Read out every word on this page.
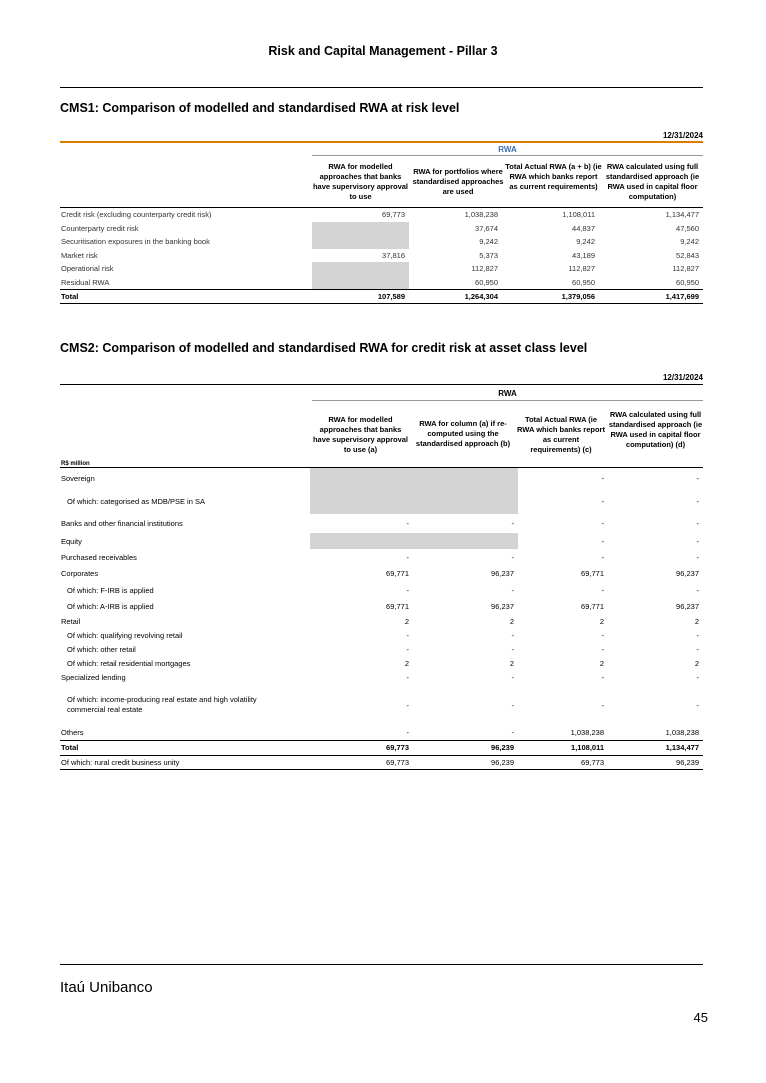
Risk and Capital Management - Pillar 3
CMS1: Comparison of modelled and standardised RWA at risk level
12/31/2024
RWA
RWA for modelled approaches that banks have supervisory approval to use
RWA for portfolios where standardised approaches are used
Total Actual RWA (a + b) (ie RWA which banks report as current requirements)
RWA calculated using full standardised approach (ie RWA used in capital floor computation)
Credit risk (excluding counterparty credit risk)	69,773	1,038,238	1,108,011	1,134,477
Counterparty credit risk		37,674	44,837	47,560
Securitisation exposures in the banking book		9,242	9,242	9,242
Market risk	37,816	5,373	43,189	52,843
Operational risk		112,827	112,827	112,827
Residual RWA		60,950	60,950	60,950
Total	107,589	1,264,304	1,379,056	1,417,699
CMS2: Comparison of modelled and standardised RWA for credit risk at asset class level
12/31/2024
RWA
RWA for modelled approaches that banks have supervisory approval to use (a)
RWA for column (a) if re-computed using the standardised approach (b)
Total Actual RWA (ie RWA which banks report as current requirements) (c)
RWA calculated using full standardised approach (ie RWA used in capital floor computation) (d)
R$ million
Sovereign			-	-
Of which: categorised as MDB/PSE in SA			-	-
Banks and other financial institutions	-	-	-	-
Equity			-	-
Purchased receivables	-	-	-	-
Corporates	69,771	96,237	69,771	96,237
Of which: F-IRB is applied	-	-	-	-
Of which: A-IRB is applied	69,771	96,237	69,771	96,237
Retail	2	2	2	2
Of which: qualifying revolving retail	-	-	-	-
Of which: other retail	-	-	-	-
Of which: retail residential mortgages	2	2	2	2
Specialized lending	-	-	-	-
Of which: income-producing real estate and high volatility commercial real estate	-	-	-	-
Others	-	-	1,038,238	1,038,238
Total	69,773	96,239	1,108,011	1,134,477
Of which: rural credit business unity	69,773	96,239	69,773	96,239
Itaú Unibanco
45
